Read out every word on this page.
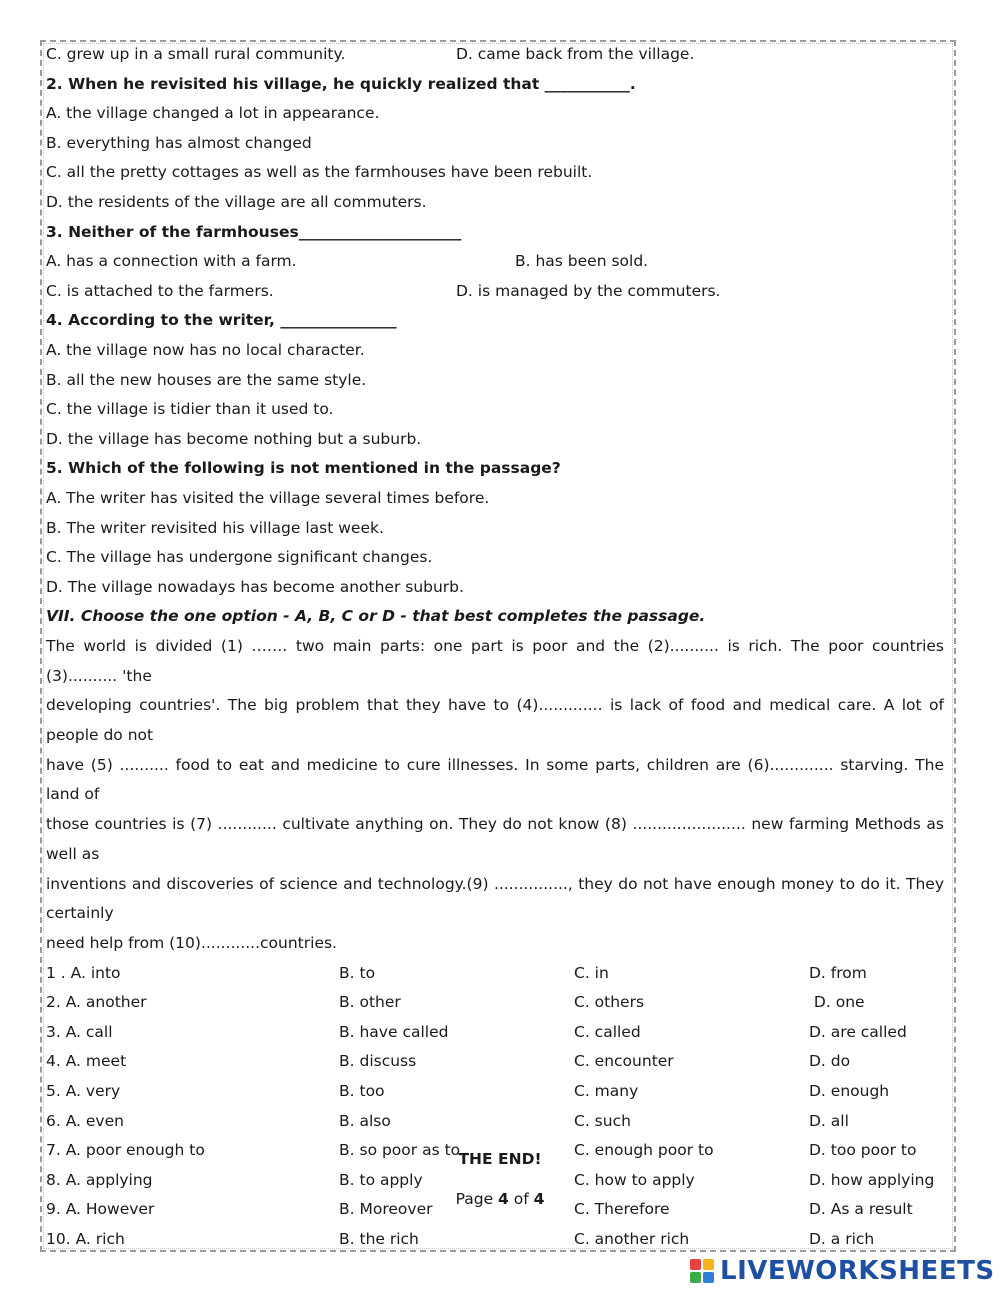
C. grew up in a small rural community.	D. came back from the village.
2. When he revisited his village, he quickly realized that ___________.
A. the village changed a lot in appearance.
B. everything has almost changed
C. all the pretty cottages as well as the farmhouses have been rebuilt.
D. the residents of the village are all commuters.
3. Neither of the farmhouses_____________________
A. has a connection with a farm.	B. has been sold.
C. is attached to the farmers.	D. is managed by the commuters.
4. According to the writer, _______________
A. the village now has no local character.
B. all the new houses are the same style.
C. the village is tidier than it used to.
D. the village has become nothing but a suburb.
5. Which of the following is not mentioned in the passage?
A. The writer has visited the village several times before.
B. The writer revisited his village last week.
C. The village has undergone significant changes.
D. The village nowadays has become another suburb.
VII. Choose the one option - A, B, C or D - that best completes the passage.
The world is divided (1) ……. two main parts: one part is poor and the (2).......... is rich. The poor countries (3).......... 'the
developing countries'. The big problem that they have to (4)............. is lack of food and medical care. A lot of people do not
have (5) .......... food to eat and medicine to cure illnesses. In some parts, children are (6)............. starving. The land of
those countries is (7) ............ cultivate anything on. They do not know (8) ....................... new farming Methods as well as
inventions and discoveries of science and technology.(9) ..............., they do not have enough money to do it. They certainly
need help from (10)............countries.
1 . A. into	B. to	C. in	D. from
2. A. another	B. other	C. others	D. one
3. A. call	B. have called	C. called	D. are called
4. A. meet	B. discuss	C. encounter	D. do
5. A. very	B. too	C. many	D. enough
6. A. even	B. also	C. such	D. all
7. A. poor enough to	B. so poor as to	C. enough poor to	D. too poor to
8. A. applying	B. to apply	C. how to apply	D. how applying
9. A. However	B. Moreover	C. Therefore	D. As a result
10. A. rich	B. the rich	C. another rich	D. a rich
THE END!
Page 4 of 4
LIVEWORKSHEETS
